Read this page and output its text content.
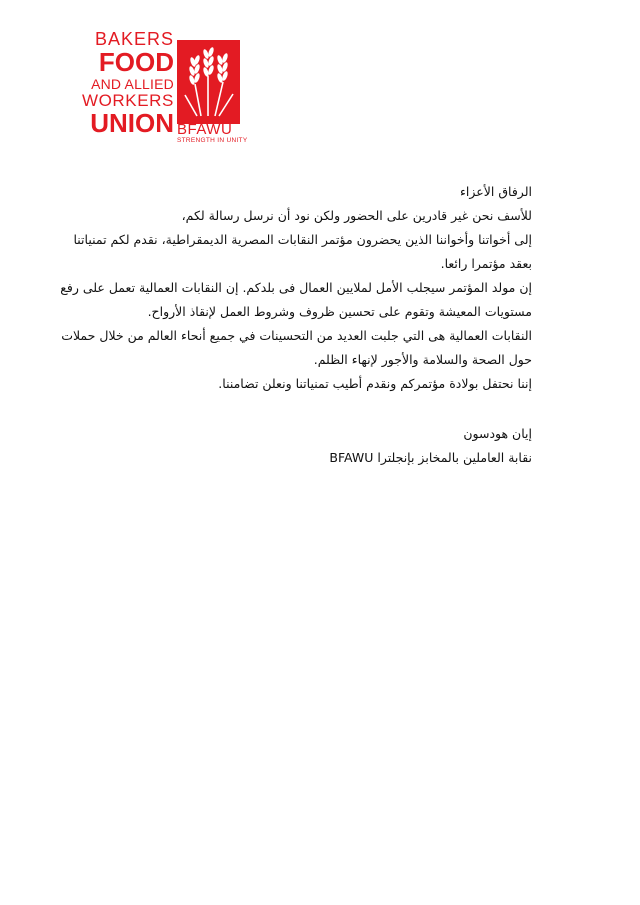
BAKERS
FOOD
AND ALLIED
WORKERS
UNION BFAWU
STRENGTH IN UNITY
الرفاق الأعزاء
للأسف نحن غير قادرين على الحضور ولكن نود أن نرسل رسالة لكم،
إلى أخواتنا وأخواننا الذين يحضرون مؤتمر النقابات المصرية الديمقراطية، نقدم لكم تمنياتنا
بعقد مؤتمرا رائعا.
إن مولد المؤتمر سيجلب الأمل لملايين العمال فى بلدكم. إن النقابات العمالية تعمل على رفع
مستويات المعيشة وتقوم على تحسين ظروف وشروط العمل لإنقاذ الأرواح.
النقابات العمالية هى التي جلبت العديد من التحسينات في جميع أنحاء العالم من خلال حملات
حول الصحة والسلامة والأجور لإنهاء الظلم.
إننا نحتفل بولادة مؤتمركم ونقدم أطيب تمنياتنا ونعلن تضامننا.
إيان هودسون
نقابة العاملين بالمخابز بإنجلترا BFAWU
